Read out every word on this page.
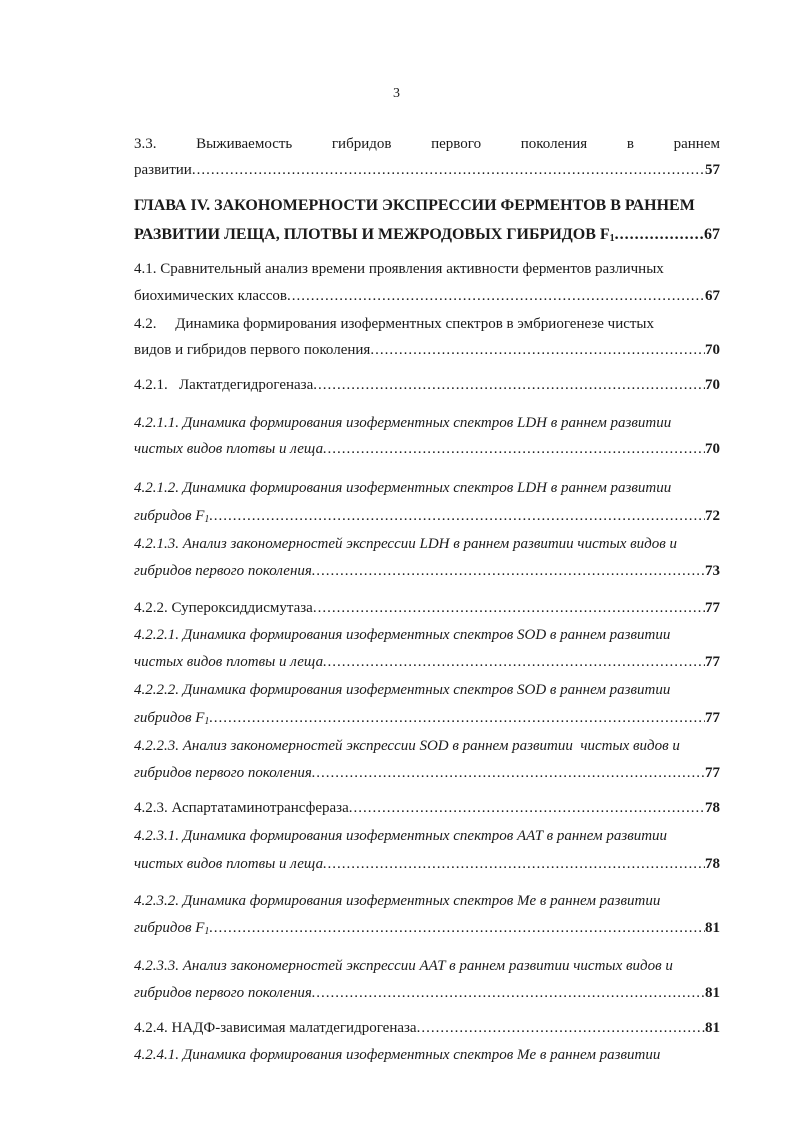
3
3.3.	Выживаемость	гибридов	первого	поколения	в	раннем
развитии .....	57
ГЛАВА IV. ЗАКОНОМЕРНОСТИ ЭКСПРЕССИИ ФЕРМЕНТОВ В РАННЕМ
РАЗВИТИИ ЛЕЩА, ПЛОТВЫ И МЕЖРОДОВЫХ ГИБРИДОВ $F_1$ .....	67
4.1. Сравнительный анализ времени проявления активности ферментов различных
биохимических классов .....	67
4.2.     Динамика формирования изоферментных спектров в эмбриогенезе чистых
видов и гибридов первого поколения .....	70
4.2.1.   Лактатдегидрогеназа .....	70
4.2.1.1. Динамика формирования изоферментных спектров LDH в раннем развитии
чистых видов плотвы и леща .....	70
4.2.1.2. Динамика формирования изоферментных спектров LDH в раннем развитии
гибридов $F_1$ .....	72
4.2.1.3. Анализ закономерностей экспрессии LDH в раннем развитии чистых видов и
гибридов первого поколения .....	73
4.2.2. Супероксиддисмутаза .....	77
4.2.2.1. Динамика формирования изоферментных спектров SOD в раннем развитии
чистых видов плотвы и леща .....	77
4.2.2.2. Динамика формирования изоферментных спектров SOD в раннем развитии
гибридов $F_1$ .....	77
4.2.2.3. Анализ закономерностей экспрессии SOD в раннем развитии  чистых видов и
гибридов первого поколения .....	77
4.2.3. Аспартатаминотрансфераза .....	78
4.2.3.1. Динамика формирования изоферментных спектров AAT в раннем развитии
чистых видов плотвы и леща .....	78
4.2.3.2. Динамика формирования изоферментных спектров Me в раннем развитии
гибридов $F_1$ .....	81
4.2.3.3. Анализ закономерностей экспрессии AAT в раннем развитии чистых видов и
гибридов первого поколения .....	81
4.2.4. НАДФ-зависимая малатдегидрогеназа .....	81
4.2.4.1. Динамика формирования изоферментных спектров Me в раннем развитии
